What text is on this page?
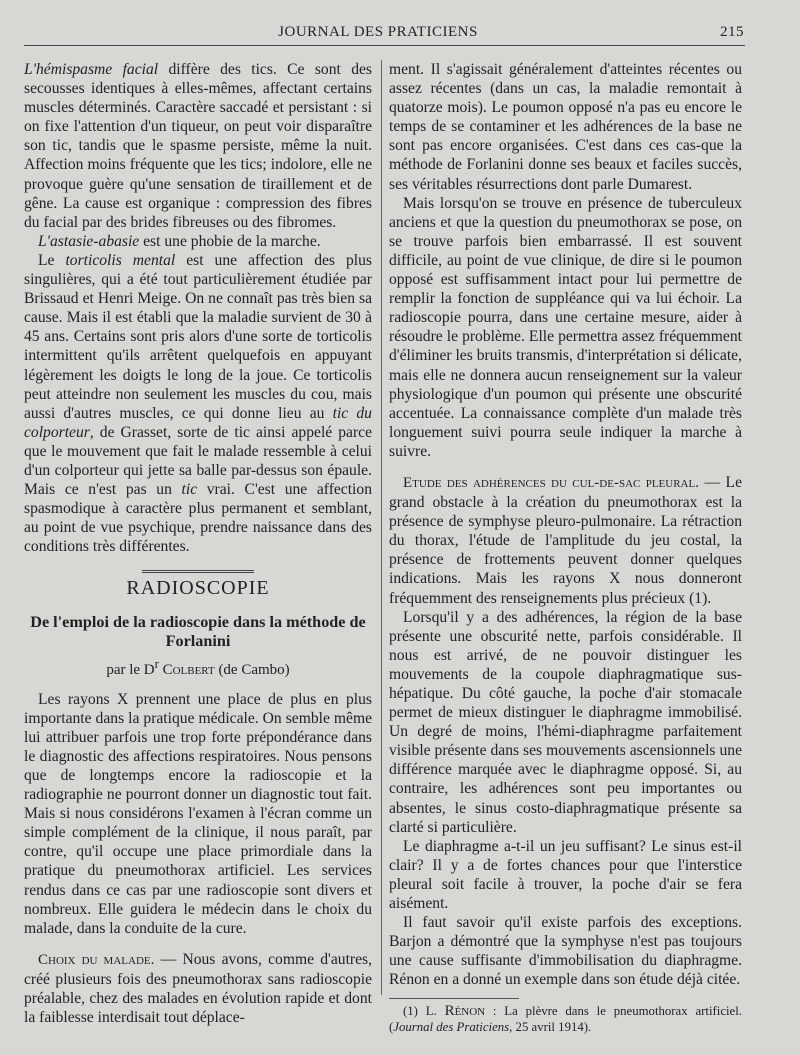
JOURNAL DES PRATICIENS	215

L'hémispasme facial diffère des tics. Ce sont des secousses identiques à elles-mêmes, affectant certains muscles déterminés. Caractère saccadé et persistant : si on fixe l'attention d'un tiqueur, on peut voir disparaître son tic, tandis que le spasme persiste, même la nuit. Affection moins fréquente que les tics; indolore, elle ne provoque guère qu'une sensation de tiraillement et de gêne. La cause est organique : compression des fibres du facial par des brides fibreuses ou des fibromes.

L'astasie-abasie est une phobie de la marche.

Le torticolis mental est une affection des plus singulières, qui a été tout particulièrement étudiée par Brissaud et Henri Meige. On ne connaît pas très bien sa cause. Mais il est établi que la maladie survient de 30 à 45 ans. Certains sont pris alors d'une sorte de torticolis intermittent qu'ils arrêtent quelquefois en appuyant légèrement les doigts le long de la joue. Ce torticolis peut atteindre non seulement les muscles du cou, mais aussi d'autres muscles, ce qui donne lieu au tic du colporteur, de Grasset, sorte de tic ainsi appelé parce que le mouvement que fait le malade ressemble à celui d'un colporteur qui jette sa balle par-dessus son épaule. Mais ce n'est pas un tic vrai. C'est une affection spasmodique à caractère plus permanent et semblant, au point de vue psychique, prendre naissance dans des conditions très différentes.

RADIOSCOPIE
De l'emploi de la radioscopie dans la méthode de Forlanini
par le $D^r$ Colbert (de Cambo)

Les rayons X prennent une place de plus en plus importante dans la pratique médicale. On semble même lui attribuer parfois une trop forte prépondérance dans le diagnostic des affections respiratoires. Nous pensons que de longtemps encore la radioscopie et la radiographie ne pourront donner un diagnostic tout fait. Mais si nous considérons l'examen à l'écran comme un simple complément de la clinique, il nous paraît, par contre, qu'il occupe une place primordiale dans la pratique du pneumothorax artificiel. Les services rendus dans ce cas par une radioscopie sont divers et nombreux. Elle guidera le médecin dans le choix du malade, dans la conduite de la cure.

Choix du malade. — Nous avons, comme d'autres, créé plusieurs fois des pneumothorax sans radioscopie préalable, chez des malades en évolution rapide et dont la faiblesse interdisait tout déplace-

ment. Il s'agissait généralement d'atteintes récentes ou assez récentes (dans un cas, la maladie remontait à quatorze mois). Le poumon opposé n'a pas eu encore le temps de se contaminer et les adhérences de la base ne sont pas encore organisées. C'est dans ces cas-que la méthode de Forlanini donne ses beaux et faciles succès, ses véritables résurrections dont parle Dumarest.

Mais lorsqu'on se trouve en présence de tuberculeux anciens et que la question du pneumothorax se pose, on se trouve parfois bien embarrassé. Il est souvent difficile, au point de vue clinique, de dire si le poumon opposé est suffisamment intact pour lui permettre de remplir la fonction de suppléance qui va lui échoir. La radioscopie pourra, dans une certaine mesure, aider à résoudre le problème. Elle permettra assez fréquemment d'éliminer les bruits transmis, d'interprétation si délicate, mais elle ne donnera aucun renseignement sur la valeur physiologique d'un poumon qui présente une obscurité accentuée. La connaissance complète d'un malade très longuement suivi pourra seule indiquer la marche à suivre.

Etude des adhérences du cul-de-sac pleural. — Le grand obstacle à la création du pneumothorax est la présence de symphyse pleuro-pulmonaire. La rétraction du thorax, l'étude de l'amplitude du jeu costal, la présence de frottements peuvent donner quelques indications. Mais les rayons X nous donneront fréquemment des renseignements plus précieux (1).

Lorsqu'il y a des adhérences, la région de la base présente une obscurité nette, parfois considérable. Il nous est arrivé, de ne pouvoir distinguer les mouvements de la coupole diaphragmatique sus-hépatique. Du côté gauche, la poche d'air stomacale permet de mieux distinguer le diaphragme immobilisé. Un degré de moins, l'hémi-diaphragme parfaitement visible présente dans ses mouvements ascensionnels une différence marquée avec le diaphragme opposé. Si, au contraire, les adhérences sont peu importantes ou absentes, le sinus costo-diaphragmatique présente sa clarté si particulière.

Le diaphragme a-t-il un jeu suffisant? Le sinus est-il clair? Il y a de fortes chances pour que l'interstice pleural soit facile à trouver, la poche d'air se fera aisément.

Il faut savoir qu'il existe parfois des exceptions. Barjon a démontré que la symphyse n'est pas toujours une cause suffisante d'immobilisation du diaphragme. Rénon en a donné un exemple dans son étude déjà citée.

(1) L. Rénon : La plèvre dans le pneumothorax artificiel. (Journal des Praticiens, 25 avril 1914).
